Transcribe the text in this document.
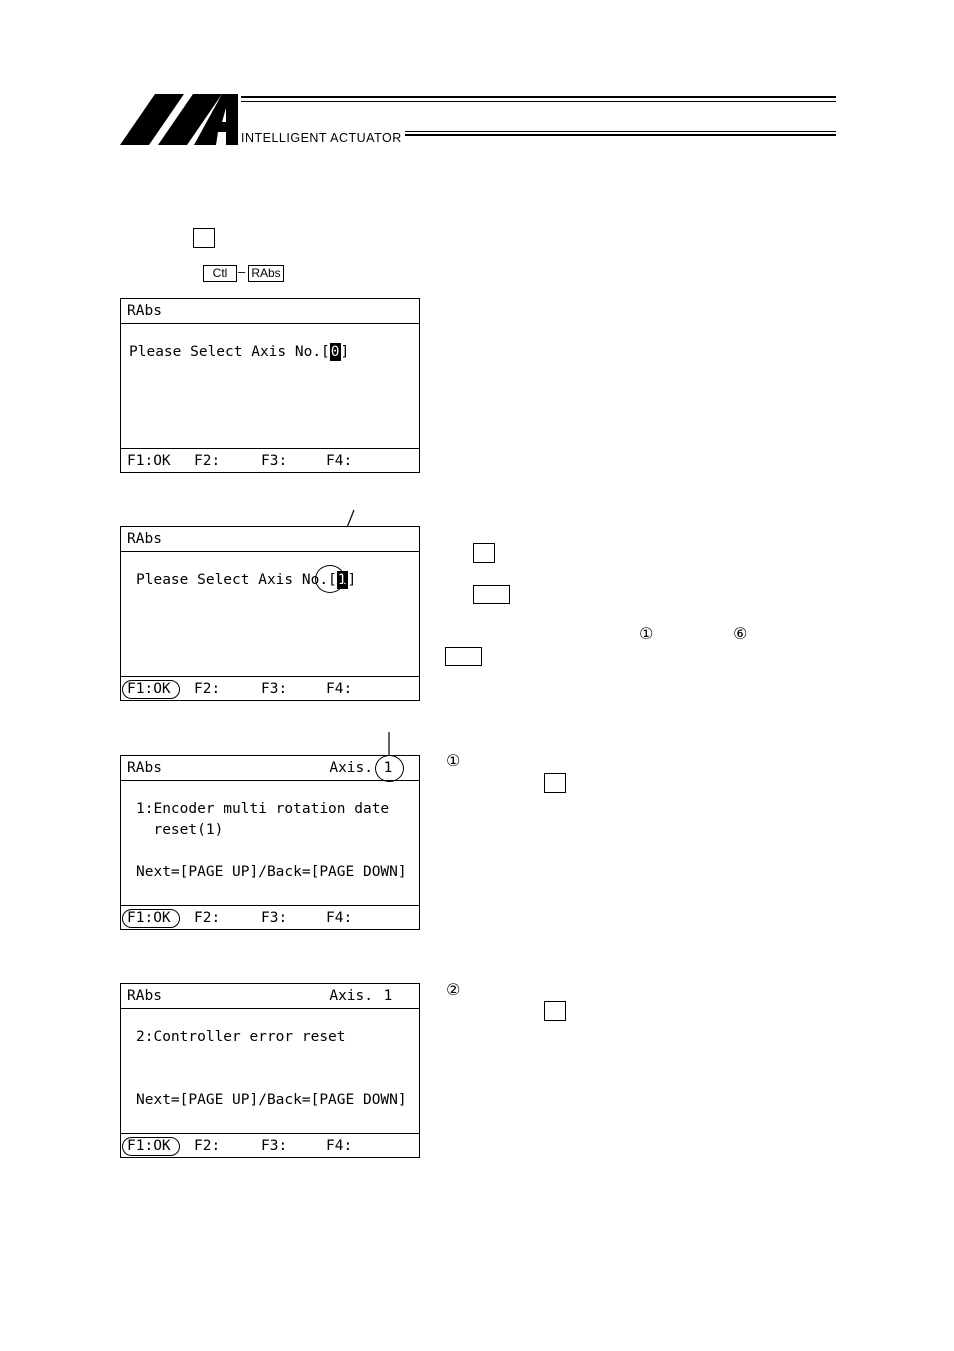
INTELLIGENT ACTUATOR
Ctl – RAbs
RAbs
Please Select Axis No.[0]
F1:OK F2:	F3:	F4:
RAbs
Please Select Axis No.[1]
F1:OK F2:	F3:	F4:
①	⑥
RAbs	Axis. 1
1:Encoder multi rotation date
reset(1)
Next=[PAGE UP]/Back=[PAGE DOWN]
F1:OK F2:	F3:	F4:
①
RAbs	Axis. 1
2:Controller error reset
Next=[PAGE UP]/Back=[PAGE DOWN]
F1:OK F2:	F3:	F4:
②
